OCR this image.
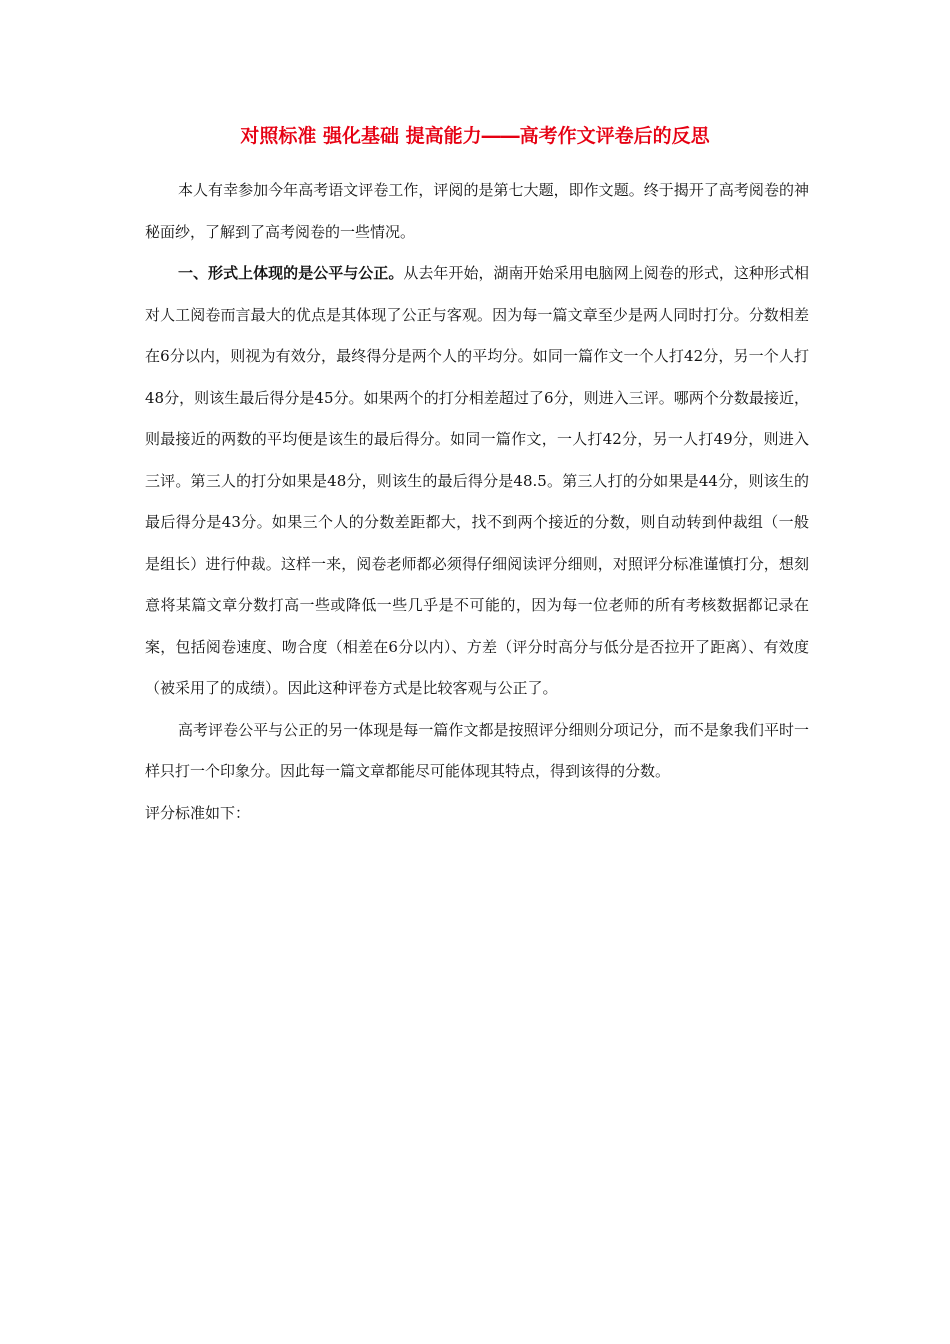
对照标准 强化基础 提高能力――高考作文评卷后的反思

本人有幸参加今年高考语文评卷工作，评阅的是第七大题，即作文题。终于揭开了高考阅卷的神秘面纱，了解到了高考阅卷的一些情况。

一、形式上体现的是公平与公正。从去年开始，湖南开始采用电脑网上阅卷的形式，这种形式相对人工阅卷而言最大的优点是其体现了公正与客观。因为每一篇文章至少是两人同时打分。分数相差在6分以内，则视为有效分，最终得分是两个人的平均分。如同一篇作文一个人打42分，另一个人打48分，则该生最后得分是45分。如果两个的打分相差超过了6分，则进入三评。哪两个分数最接近，则最接近的两数的平均便是该生的最后得分。如同一篇作文，一人打42分，另一人打49分，则进入三评。第三人的打分如果是48分，则该生的最后得分是48.5。第三人打的分如果是44分，则该生的最后得分是43分。如果三个人的分数差距都大，找不到两个接近的分数，则自动转到仲裁组（一般是组长）进行仲裁。这样一来，阅卷老师都必须得仔细阅读评分细则，对照评分标准谨慎打分，想刻意将某篇文章分数打高一些或降低一些几乎是不可能的，因为每一位老师的所有考核数据都记录在案，包括阅卷速度、吻合度（相差在6分以内）、方差（评分时高分与低分是否拉开了距离）、有效度（被采用了的成绩）。因此这种评卷方式是比较客观与公正了。

高考评卷公平与公正的另一体现是每一篇作文都是按照评分细则分项记分，而不是象我们平时一样只打一个印象分。因此每一篇文章都能尽可能体现其特点，得到该得的分数。

评分标准如下：
